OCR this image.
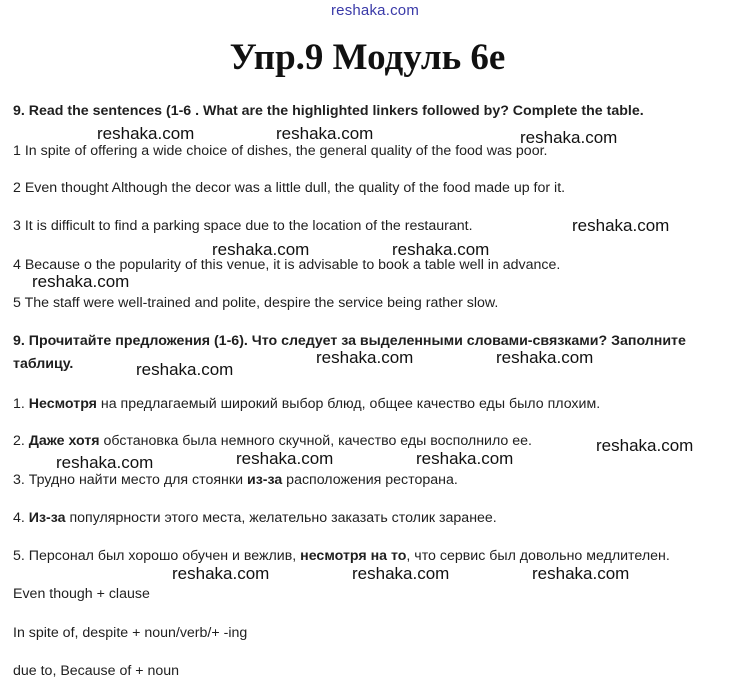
reshaka.com
Упр.9 Модуль 6е
9. Read the sentences (1-6 . What are the highlighted linkers followed by? Complete the table.
1 In spite of offering a wide choice of dishes, the general quality of the food was poor.
2 Even thought Although the decor was a little dull, the quality of the food made up for it.
3 It is difficult to find a parking space due to the location of the restaurant.
4 Because o the popularity of this venue, it is advisable to book a table well in advance.
5 The staff were well-trained and polite, despire the service being rather slow.
9. Прочитайте предложения (1-6). Что следует за выделенными словами-связками? Заполните
таблицу.
1. Несмотря на предлагаемый широкий выбор блюд, общее качество еды было плохим.
2. Даже хотя обстановка была немного скучной, качество еды восполнило ее.
3. Трудно найти место для стоянки из-за расположения ресторана.
4. Из-за популярности этого места, желательно заказать столик заранее.
5. Персонал был хорошо обучен и вежлив, несмотря на то, что сервис был довольно медлителен.
Even though + clause
In spite of, despite + noun/verb/+ -ing
due to, Because of + noun
reshaka.com	reshaka.com	reshaka.com
reshaka.com
reshaka.com	reshaka.com
reshaka.com
reshaka.com	reshaka.com
reshaka.com
reshaka.com
reshaka.com	reshaka.com
reshaka.com
reshaka.com	reshaka.com	reshaka.com
